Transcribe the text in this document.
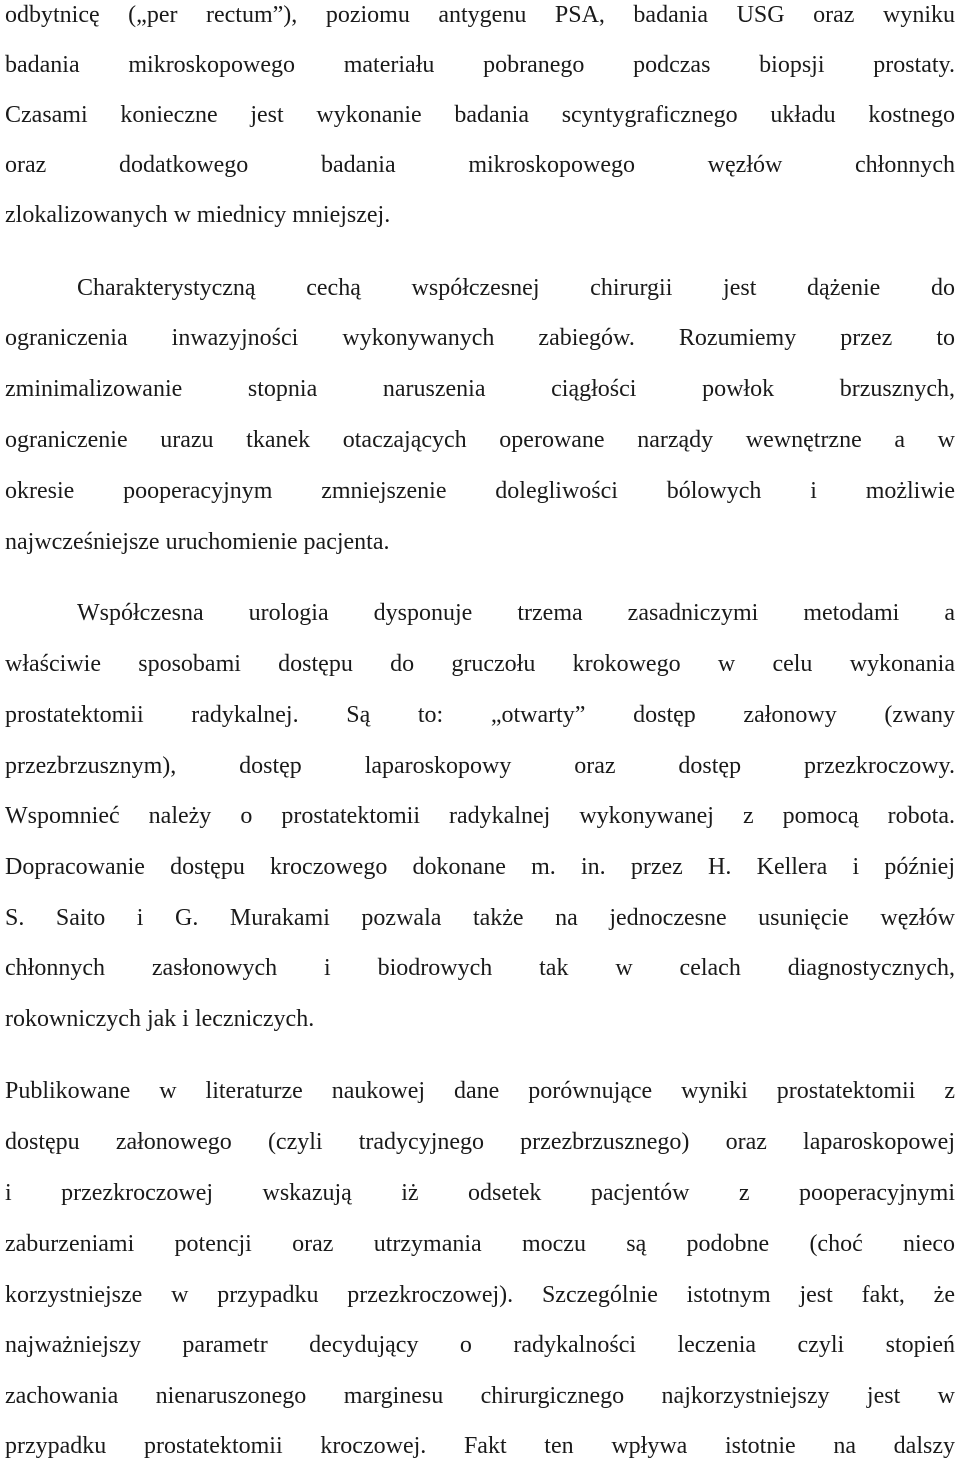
odbytnicę („per rectum”), poziomu antygenu PSA, badania USG oraz wyniku
badania mikroskopowego materiału pobranego podczas biopsji prostaty.
Czasami konieczne jest wykonanie badania scyntygraficznego układu kostnego
oraz dodatkowego badania mikroskopowego węzłów chłonnych
zlokalizowanych w miednicy mniejszej.
Charakterystyczną cechą współczesnej chirurgii jest dążenie do
ograniczenia inwazyjności wykonywanych zabiegów. Rozumiemy przez to
zminimalizowanie stopnia naruszenia ciągłości powłok brzusznych,
ograniczenie urazu tkanek otaczających operowane narządy wewnętrzne a w
okresie pooperacyjnym zmniejszenie dolegliwości bólowych i możliwie
najwcześniejsze uruchomienie pacjenta.
Współczesna urologia dysponuje trzema zasadniczymi metodami a
właściwie sposobami dostępu do gruczołu krokowego w celu wykonania
prostatektomii radykalnej. Są to: „otwarty” dostęp załonowy (zwany
przezbrzusznym), dostęp laparoskopowy oraz dostęp przezkroczowy.
Wspomnieć należy o prostatektomii radykalnej wykonywanej z pomocą robota.
Dopracowanie dostępu kroczowego dokonane m. in. przez H. Kellera i później
S. Saito i G. Murakami pozwala także na jednoczesne usunięcie węzłów
chłonnych zasłonowych i biodrowych tak w celach diagnostycznych,
rokowniczych jak i leczniczych.
Publikowane w literaturze naukowej dane porównujące wyniki prostatektomii z
dostępu załonowego (czyli tradycyjnego przezbrzusznego) oraz laparoskopowej
i przezkroczowej wskazują iż odsetek pacjentów z pooperacyjnymi
zaburzeniami potencji oraz utrzymania moczu są podobne (choć nieco
korzystniejsze w przypadku przezkroczowej). Szczególnie istotnym jest fakt, że
najważniejszy parametr decydujący o radykalności leczenia czyli stopień
zachowania nienaruszonego marginesu chirurgicznego najkorzystniejszy jest w
przypadku prostatektomii kroczowej. Fakt ten wpływa istotnie na dalszy
